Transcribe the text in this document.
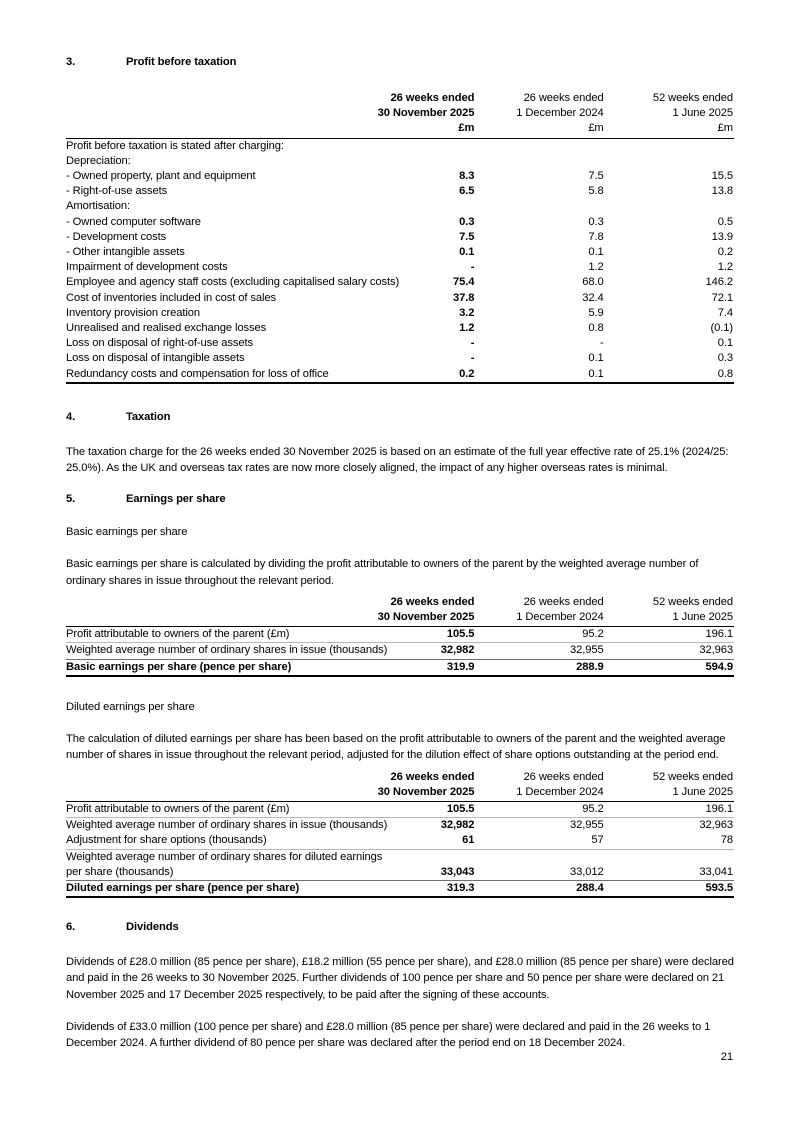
3.	Profit before taxation
	26 weeks ended	26 weeks ended	52 weeks ended
	30 November 2025	1 December 2024	1 June 2025
	£m	£m	£m
Profit before taxation is stated after charging:			
Depreciation:			
- Owned property, plant and equipment	8.3	7.5	15.5
- Right-of-use assets	6.5	5.8	13.8
Amortisation:			
- Owned computer software	0.3	0.3	0.5
- Development costs	7.5	7.8	13.9
- Other intangible assets	0.1	0.1	0.2
Impairment of development costs	-	1.2	1.2
Employee and agency staff costs (excluding capitalised salary costs)	75.4	68.0	146.2
Cost of inventories included in cost of sales	37.8	32.4	72.1
Inventory provision creation	3.2	5.9	7.4
Unrealised and realised exchange losses	1.2	0.8	(0.1)
Loss on disposal of right-of-use assets	-	-	0.1
Loss on disposal of intangible assets	-	0.1	0.3
Redundancy costs and compensation for loss of office	0.2	0.1	0.8
4.	Taxation

The taxation charge for the 26 weeks ended 30 November 2025 is based on an estimate of the full year effective rate of 25.1% (2024/25: 25.0%). As the UK and overseas tax rates are now more closely aligned, the impact of any higher overseas rates is minimal.

5.	Earnings per share
Basic earnings per share

Basic earnings per share is calculated by dividing the profit attributable to owners of the parent by the weighted average number of ordinary shares in issue throughout the relevant period.

	26 weeks ended	26 weeks ended	52 weeks ended
	30 November 2025	1 December 2024	1 June 2025
Profit attributable to owners of the parent (£m)	105.5	95.2	196.1
Weighted average number of ordinary shares in issue (thousands)	32,982	32,955	32,963
Basic earnings per share (pence per share)	319.9	288.9	594.9
Diluted earnings per share

The calculation of diluted earnings per share has been based on the profit attributable to owners of the parent and the weighted average number of shares in issue throughout the relevant period, adjusted for the dilution effect of share options outstanding at the period end.

	26 weeks ended	26 weeks ended	52 weeks ended
	30 November 2025	1 December 2024	1 June 2025
Profit attributable to owners of the parent (£m)	105.5	95.2	196.1
Weighted average number of ordinary shares in issue (thousands)	32,982	32,955	32,963
Adjustment for share options (thousands)	61	57	78
Weighted average number of ordinary shares for diluted earnings			
per share (thousands)	33,043	33,012	33,041
Diluted earnings per share (pence per share)	319.3	288.4	593.5
6.	Dividends

Dividends of £28.0 million (85 pence per share), £18.2 million (55 pence per share), and £28.0 million (85 pence per share) were declared and paid in the 26 weeks to 30 November 2025. Further dividends of 100 pence per share and 50 pence per share were declared on 21 November 2025 and 17 December 2025 respectively, to be paid after the signing of these accounts.

Dividends of £33.0 million (100 pence per share) and £28.0 million (85 pence per share) were declared and paid in the 26 weeks to 1 December 2024. A further dividend of 80 pence per share was declared after the period end on 18 December 2024.

21
